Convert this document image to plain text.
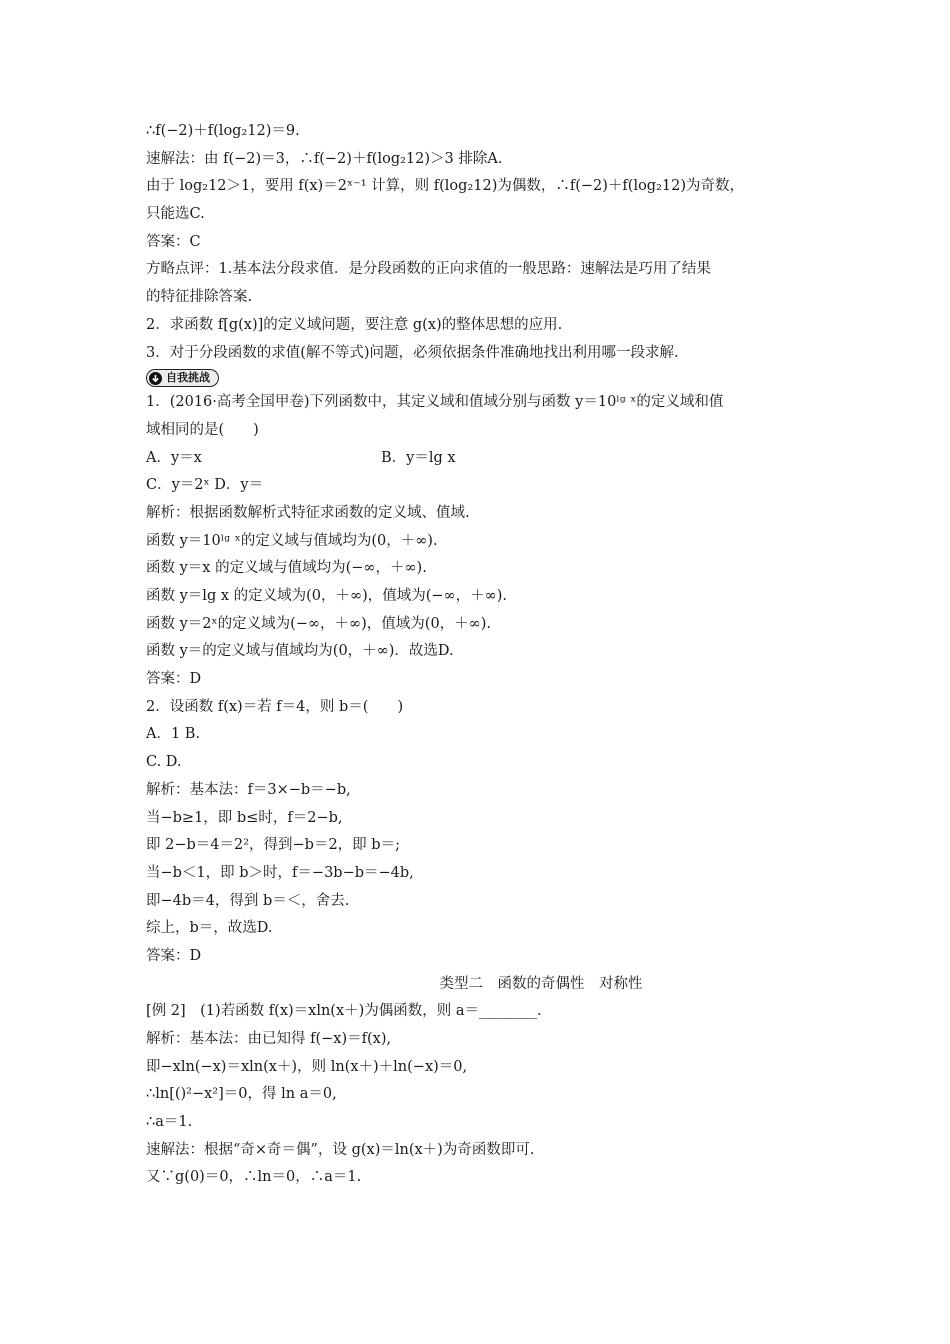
∴f(−2)＋f(log₂12)＝9.
速解法：由 f(−2)＝3，∴f(−2)＋f(log₂12)＞3 排除A.
由于 log₂12＞1，要用 f(x)＝2ˣ⁻¹ 计算，则 f(log₂12)为偶数，∴f(−2)＋f(log₂12)为奇数，
只能选C.
答案：C
方略点评：1.基本法分段求值．是分段函数的正向求值的一般思路：速解法是巧用了结果
的特征排除答案.
2．求函数 f[g(x)]的定义域问题，要注意 g(x)的整体思想的应用.
3．对于分段函数的求值(解不等式)问题，必须依据条件准确地找出利用哪一段求解.
自我挑战
1．(2016·高考全国甲卷)下列函数中，其定义域和值域分别与函数 y＝10ˡᵍ ˣ的定义域和值
域相同的是(　　)
A．y＝x	B．y＝lg x
C．y＝2ˣ D．y＝
解析：根据函数解析式特征求函数的定义域、值域.
函数 y＝10ˡᵍ ˣ的定义域与值域均为(0，＋∞).
函数 y＝x 的定义域与值域均为(−∞，＋∞).
函数 y＝lg x 的定义域为(0，＋∞)，值域为(−∞，＋∞).
函数 y＝2ˣ的定义域为(−∞，＋∞)，值域为(0，＋∞).
函数 y＝的定义域与值域均为(0，＋∞)．故选D.
答案：D
2．设函数 f(x)＝若 f＝4，则 b＝(　　)
A．1 B.
C. D.
解析：基本法：f＝3×−b＝−b,
当−b≥1，即 b≤时，f＝2−b,
即 2−b＝4＝2²，得到−b＝2，即 b＝;
当−b＜1，即 b＞时，f＝−3b−b＝−4b,
即−4b＝4，得到 b＝＜，舍去.
综上，b＝，故选D.
答案：D
类型二　函数的奇偶性　对称性
[例 2]　(1)若函数 f(x)＝xln(x＋)为偶函数，则 a＝________.
解析：基本法：由已知得 f(−x)＝f(x),
即−xln(−x)＝xln(x＋)，则 ln(x＋)＋ln(−x)＝0,
∴ln[()²−x²]＝0，得 ln a＝0,
∴a＝1.
速解法：根据“奇×奇＝偶”，设 g(x)＝ln(x＋)为奇函数即可.
又∵g(0)＝0，∴ln＝0，∴a＝1.
